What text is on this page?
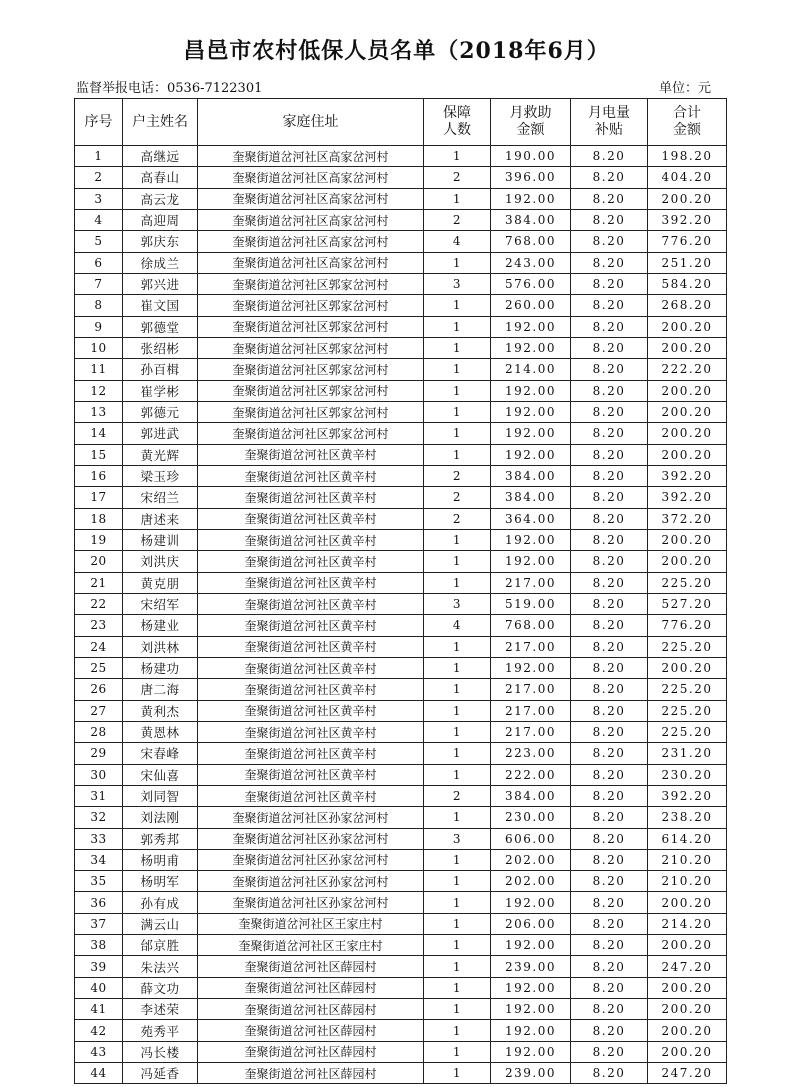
昌邑市农村低保人员名单（2018年6月）
监督举报电话：0536-7122301	单位：元
序号	户主姓名	家庭住址	保障人数	月救助金额	月电量补贴	合计金额

1	高继远	奎聚街道岔河社区高家岔河村	1	190.00	8.20	198.20
2	高春山	奎聚街道岔河社区高家岔河村	2	396.00	8.20	404.20
3	高云龙	奎聚街道岔河社区高家岔河村	1	192.00	8.20	200.20
4	高迎周	奎聚街道岔河社区高家岔河村	2	384.00	8.20	392.20
5	郭庆东	奎聚街道岔河社区高家岔河村	4	768.00	8.20	776.20
6	徐成兰	奎聚街道岔河社区高家岔河村	1	243.00	8.20	251.20
7	郭兴进	奎聚街道岔河社区郭家岔河村	3	576.00	8.20	584.20
8	崔文国	奎聚街道岔河社区郭家岔河村	1	260.00	8.20	268.20
9	郭德堂	奎聚街道岔河社区郭家岔河村	1	192.00	8.20	200.20
10	张绍彬	奎聚街道岔河社区郭家岔河村	1	192.00	8.20	200.20
11	孙百楫	奎聚街道岔河社区郭家岔河村	1	214.00	8.20	222.20
12	崔学彬	奎聚街道岔河社区郭家岔河村	1	192.00	8.20	200.20
13	郭德元	奎聚街道岔河社区郭家岔河村	1	192.00	8.20	200.20
14	郭进武	奎聚街道岔河社区郭家岔河村	1	192.00	8.20	200.20
15	黄光辉	奎聚街道岔河社区黄辛村	1	192.00	8.20	200.20
16	梁玉珍	奎聚街道岔河社区黄辛村	2	384.00	8.20	392.20
17	宋绍兰	奎聚街道岔河社区黄辛村	2	384.00	8.20	392.20
18	唐述来	奎聚街道岔河社区黄辛村	2	364.00	8.20	372.20
19	杨建训	奎聚街道岔河社区黄辛村	1	192.00	8.20	200.20
20	刘洪庆	奎聚街道岔河社区黄辛村	1	192.00	8.20	200.20
21	黄克朋	奎聚街道岔河社区黄辛村	1	217.00	8.20	225.20
22	宋绍军	奎聚街道岔河社区黄辛村	3	519.00	8.20	527.20
23	杨建业	奎聚街道岔河社区黄辛村	4	768.00	8.20	776.20
24	刘洪林	奎聚街道岔河社区黄辛村	1	217.00	8.20	225.20
25	杨建功	奎聚街道岔河社区黄辛村	1	192.00	8.20	200.20
26	唐二海	奎聚街道岔河社区黄辛村	1	217.00	8.20	225.20
27	黄利杰	奎聚街道岔河社区黄辛村	1	217.00	8.20	225.20
28	黄恩林	奎聚街道岔河社区黄辛村	1	217.00	8.20	225.20
29	宋春峰	奎聚街道岔河社区黄辛村	1	223.00	8.20	231.20
30	宋仙喜	奎聚街道岔河社区黄辛村	1	222.00	8.20	230.20
31	刘同智	奎聚街道岔河社区黄辛村	2	384.00	8.20	392.20
32	刘法刚	奎聚街道岔河社区孙家岔河村	1	230.00	8.20	238.20
33	郭秀邦	奎聚街道岔河社区孙家岔河村	3	606.00	8.20	614.20
34	杨明甫	奎聚街道岔河社区孙家岔河村	1	202.00	8.20	210.20
35	杨明军	奎聚街道岔河社区孙家岔河村	1	202.00	8.20	210.20
36	孙有成	奎聚街道岔河社区孙家岔河村	1	192.00	8.20	200.20
37	满云山	奎聚街道岔河社区王家庄村	1	206.00	8.20	214.20
38	邰京胜	奎聚街道岔河社区王家庄村	1	192.00	8.20	200.20
39	朱法兴	奎聚街道岔河社区薛园村	1	239.00	8.20	247.20
40	薛文功	奎聚街道岔河社区薛园村	1	192.00	8.20	200.20
41	李述荣	奎聚街道岔河社区薛园村	1	192.00	8.20	200.20
42	苑秀平	奎聚街道岔河社区薛园村	1	192.00	8.20	200.20
43	冯长楼	奎聚街道岔河社区薛园村	1	192.00	8.20	200.20
44	冯延香	奎聚街道岔河社区薛园村	1	239.00	8.20	247.20
